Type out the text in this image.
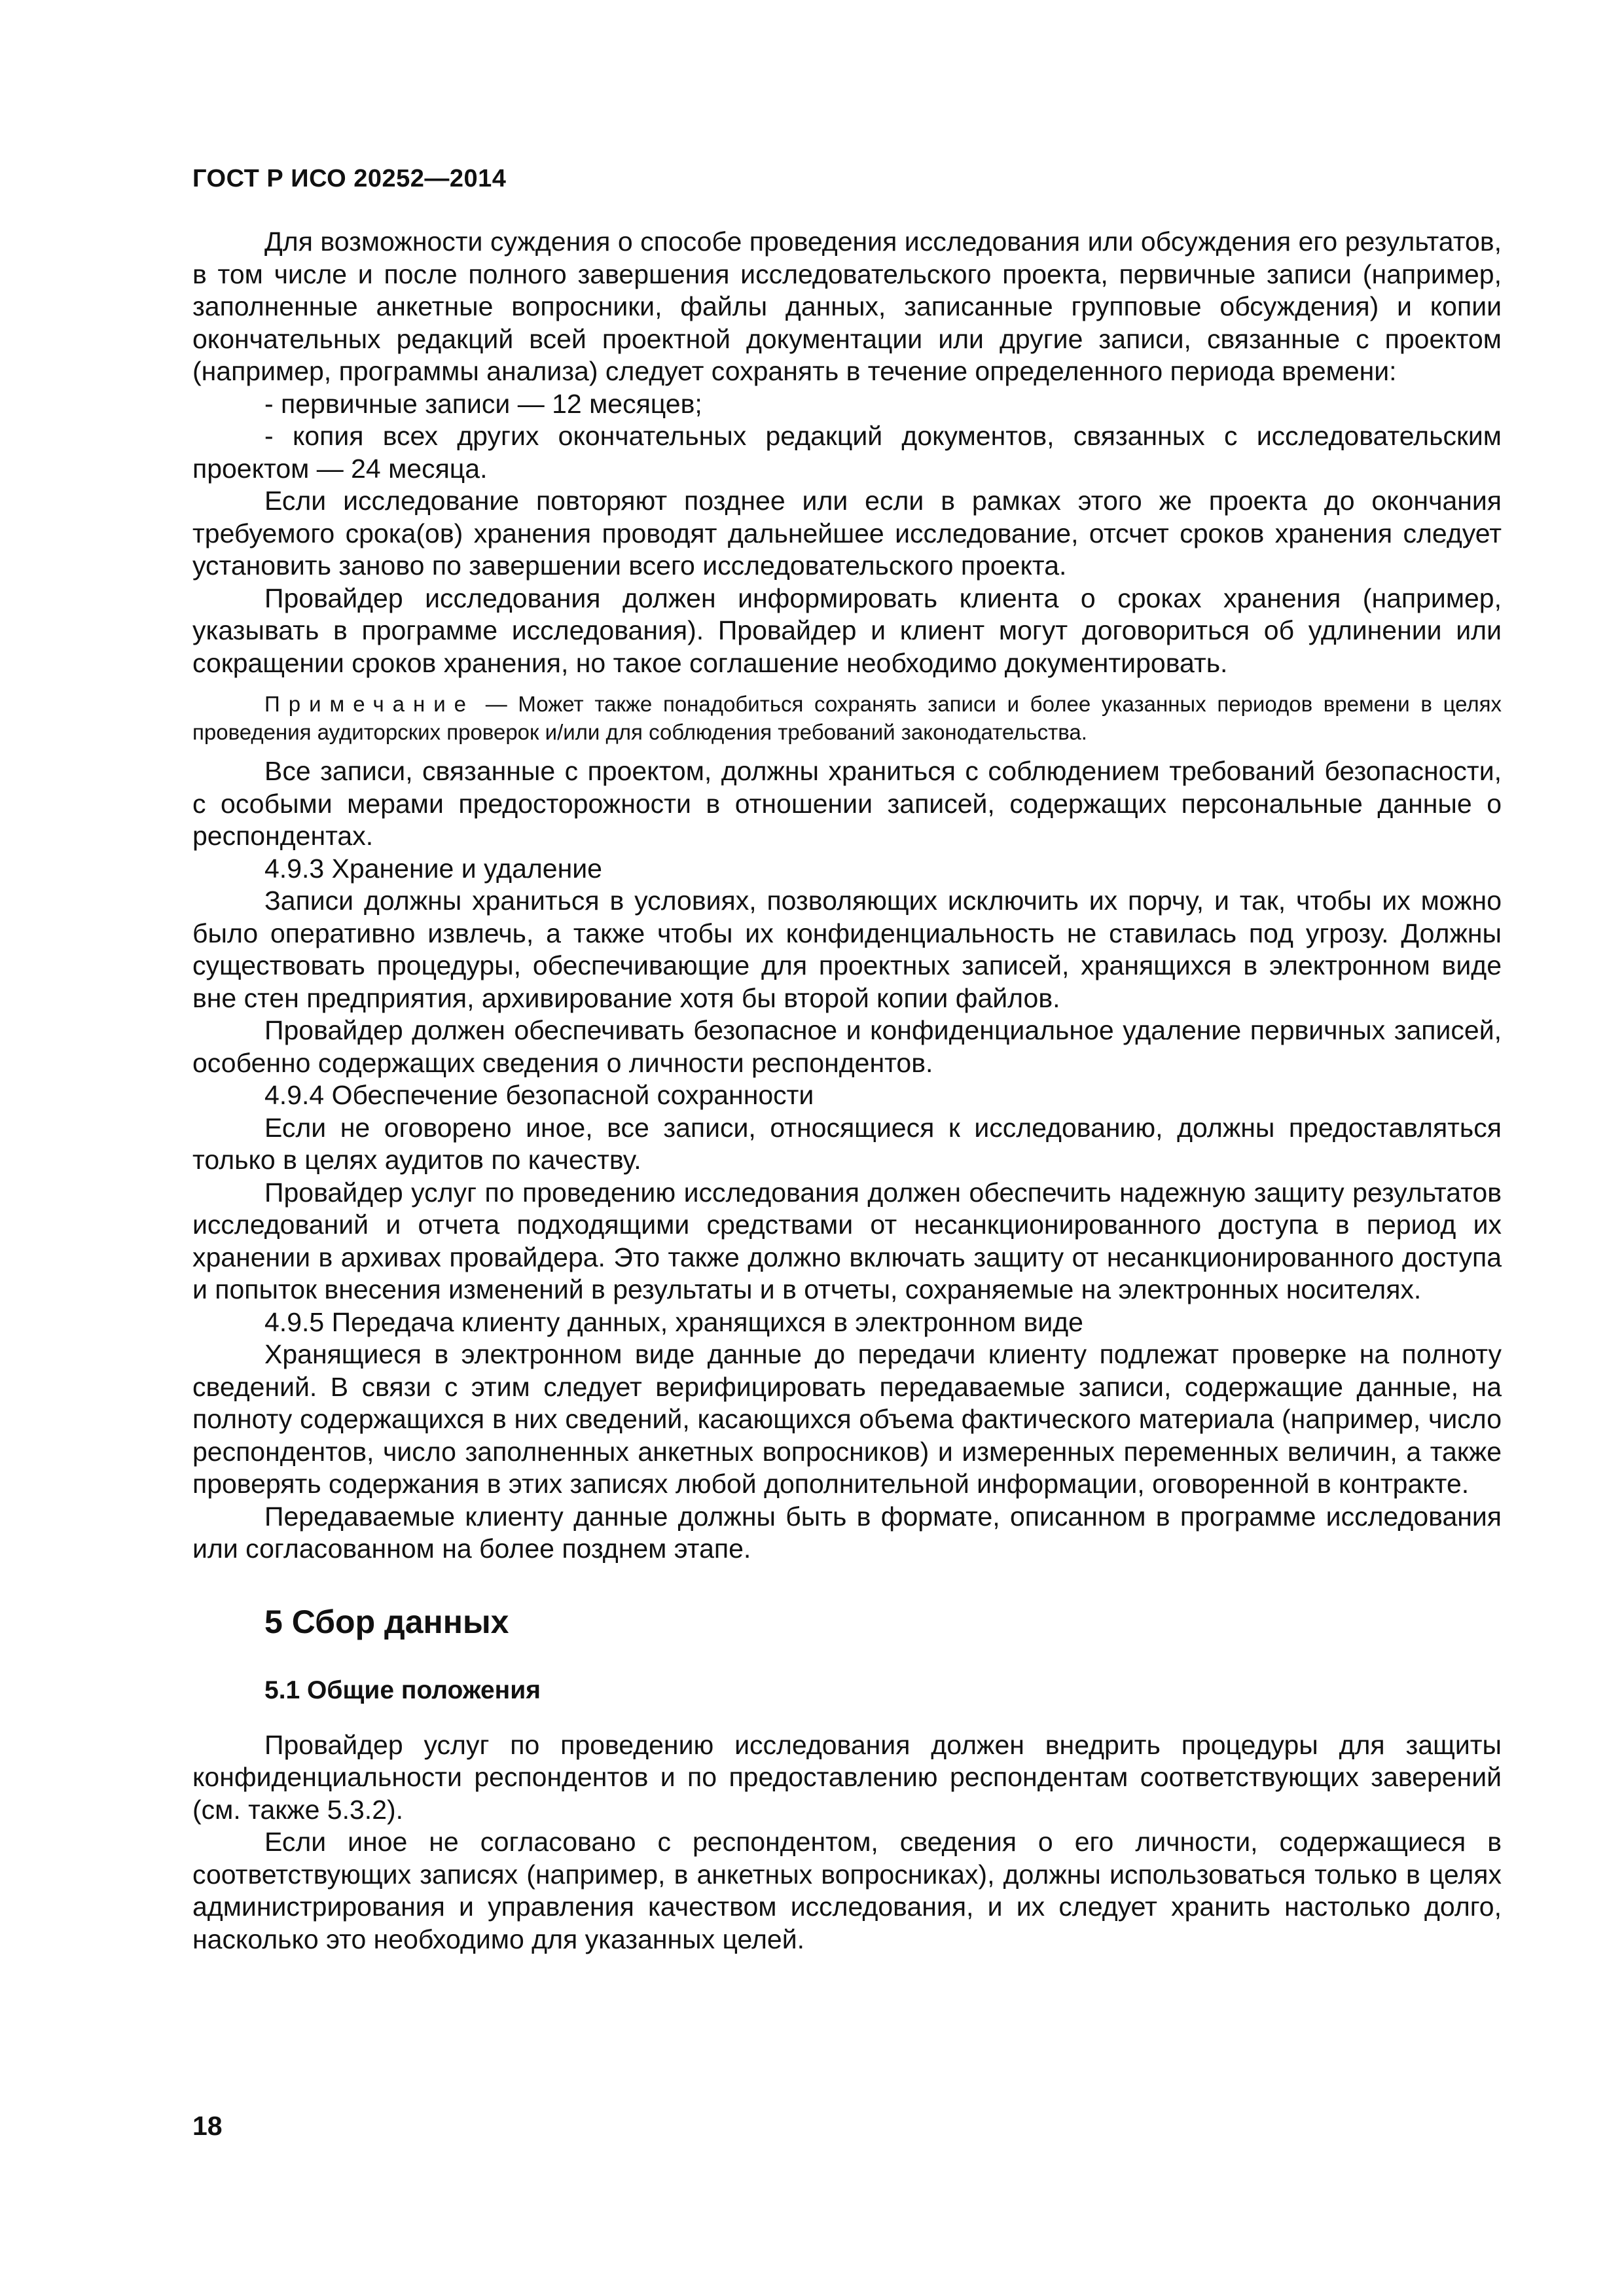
ГОСТ Р ИСО 20252—2014

Для возможности суждения о способе проведения исследования или обсуждения его результатов, в том числе и после полного завершения исследовательского проекта, первичные записи (например, заполненные анкетные вопросники, файлы данных, записанные групповые обсуждения) и копии окончательных редакций всей проектной документации или другие записи, связанные с проектом (например, программы анализа) следует сохранять в течение определенного периода времени:

- первичные записи — 12 месяцев;

- копия всех других окончательных редакций документов, связанных с исследовательским проектом — 24 месяца.

Если исследование повторяют позднее или если в рамках этого же проекта до окончания требуемого срока(ов) хранения проводят дальнейшее исследование, отсчет сроков хранения следует установить заново по завершении всего исследовательского проекта.

Провайдер исследования должен информировать клиента о сроках хранения (например, указывать в программе исследования). Провайдер и клиент могут договориться об удлинении или сокращении сроков хранения, но такое соглашение необходимо документировать.

Примечание — Может также понадобиться сохранять записи и более указанных периодов времени в целях проведения аудиторских проверок и/или для соблюдения требований законодательства.

Все записи, связанные с проектом, должны храниться с соблюдением требований безопасности, с особыми мерами предосторожности в отношении записей, содержащих персональные данные о респондентах.

4.9.3 Хранение и удаление

Записи должны храниться в условиях, позволяющих исключить их порчу, и так, чтобы их можно было оперативно извлечь, а также чтобы их конфиденциальность не ставилась под угрозу. Должны существовать процедуры, обеспечивающие для проектных записей, хранящихся в электронном виде вне стен предприятия, архивирование хотя бы второй копии файлов.

Провайдер должен обеспечивать безопасное и конфиденциальное удаление первичных записей, особенно содержащих сведения о личности респондентов.

4.9.4 Обеспечение безопасной сохранности

Если не оговорено иное, все записи, относящиеся к исследованию, должны предоставляться только в целях аудитов по качеству.

Провайдер услуг по проведению исследования должен обеспечить надежную защиту результатов исследований и отчета подходящими средствами от несанкционированного доступа в период их хранении в архивах провайдера. Это также должно включать защиту от несанкционированного доступа и попыток внесения изменений в результаты и в отчеты, сохраняемые на электронных носителях.

4.9.5 Передача клиенту данных, хранящихся в электронном виде

Хранящиеся в электронном виде данные до передачи клиенту подлежат проверке на полноту сведений. В связи с этим следует верифицировать передаваемые записи, содержащие данные, на полноту содержащихся в них сведений, касающихся объема фактического материала (например, число респондентов, число заполненных анкетных вопросников) и измеренных переменных величин, а также проверять содержания в этих записях любой дополнительной информации, оговоренной в контракте.

Передаваемые клиенту данные должны быть в формате, описанном в программе исследования или согласованном на более позднем этапе.

5 Сбор данных
5.1 Общие положения

Провайдер услуг по проведению исследования должен внедрить процедуры для защиты конфиденциальности респондентов и по предоставлению респондентам соответствующих заверений (см. также 5.3.2).

Если иное не согласовано с респондентом, сведения о его личности, содержащиеся в соответствующих записях (например, в анкетных вопросниках), должны использоваться только в целях администрирования и управления качеством исследования, и их следует хранить настолько долго, насколько это необходимо для указанных целей.

18
